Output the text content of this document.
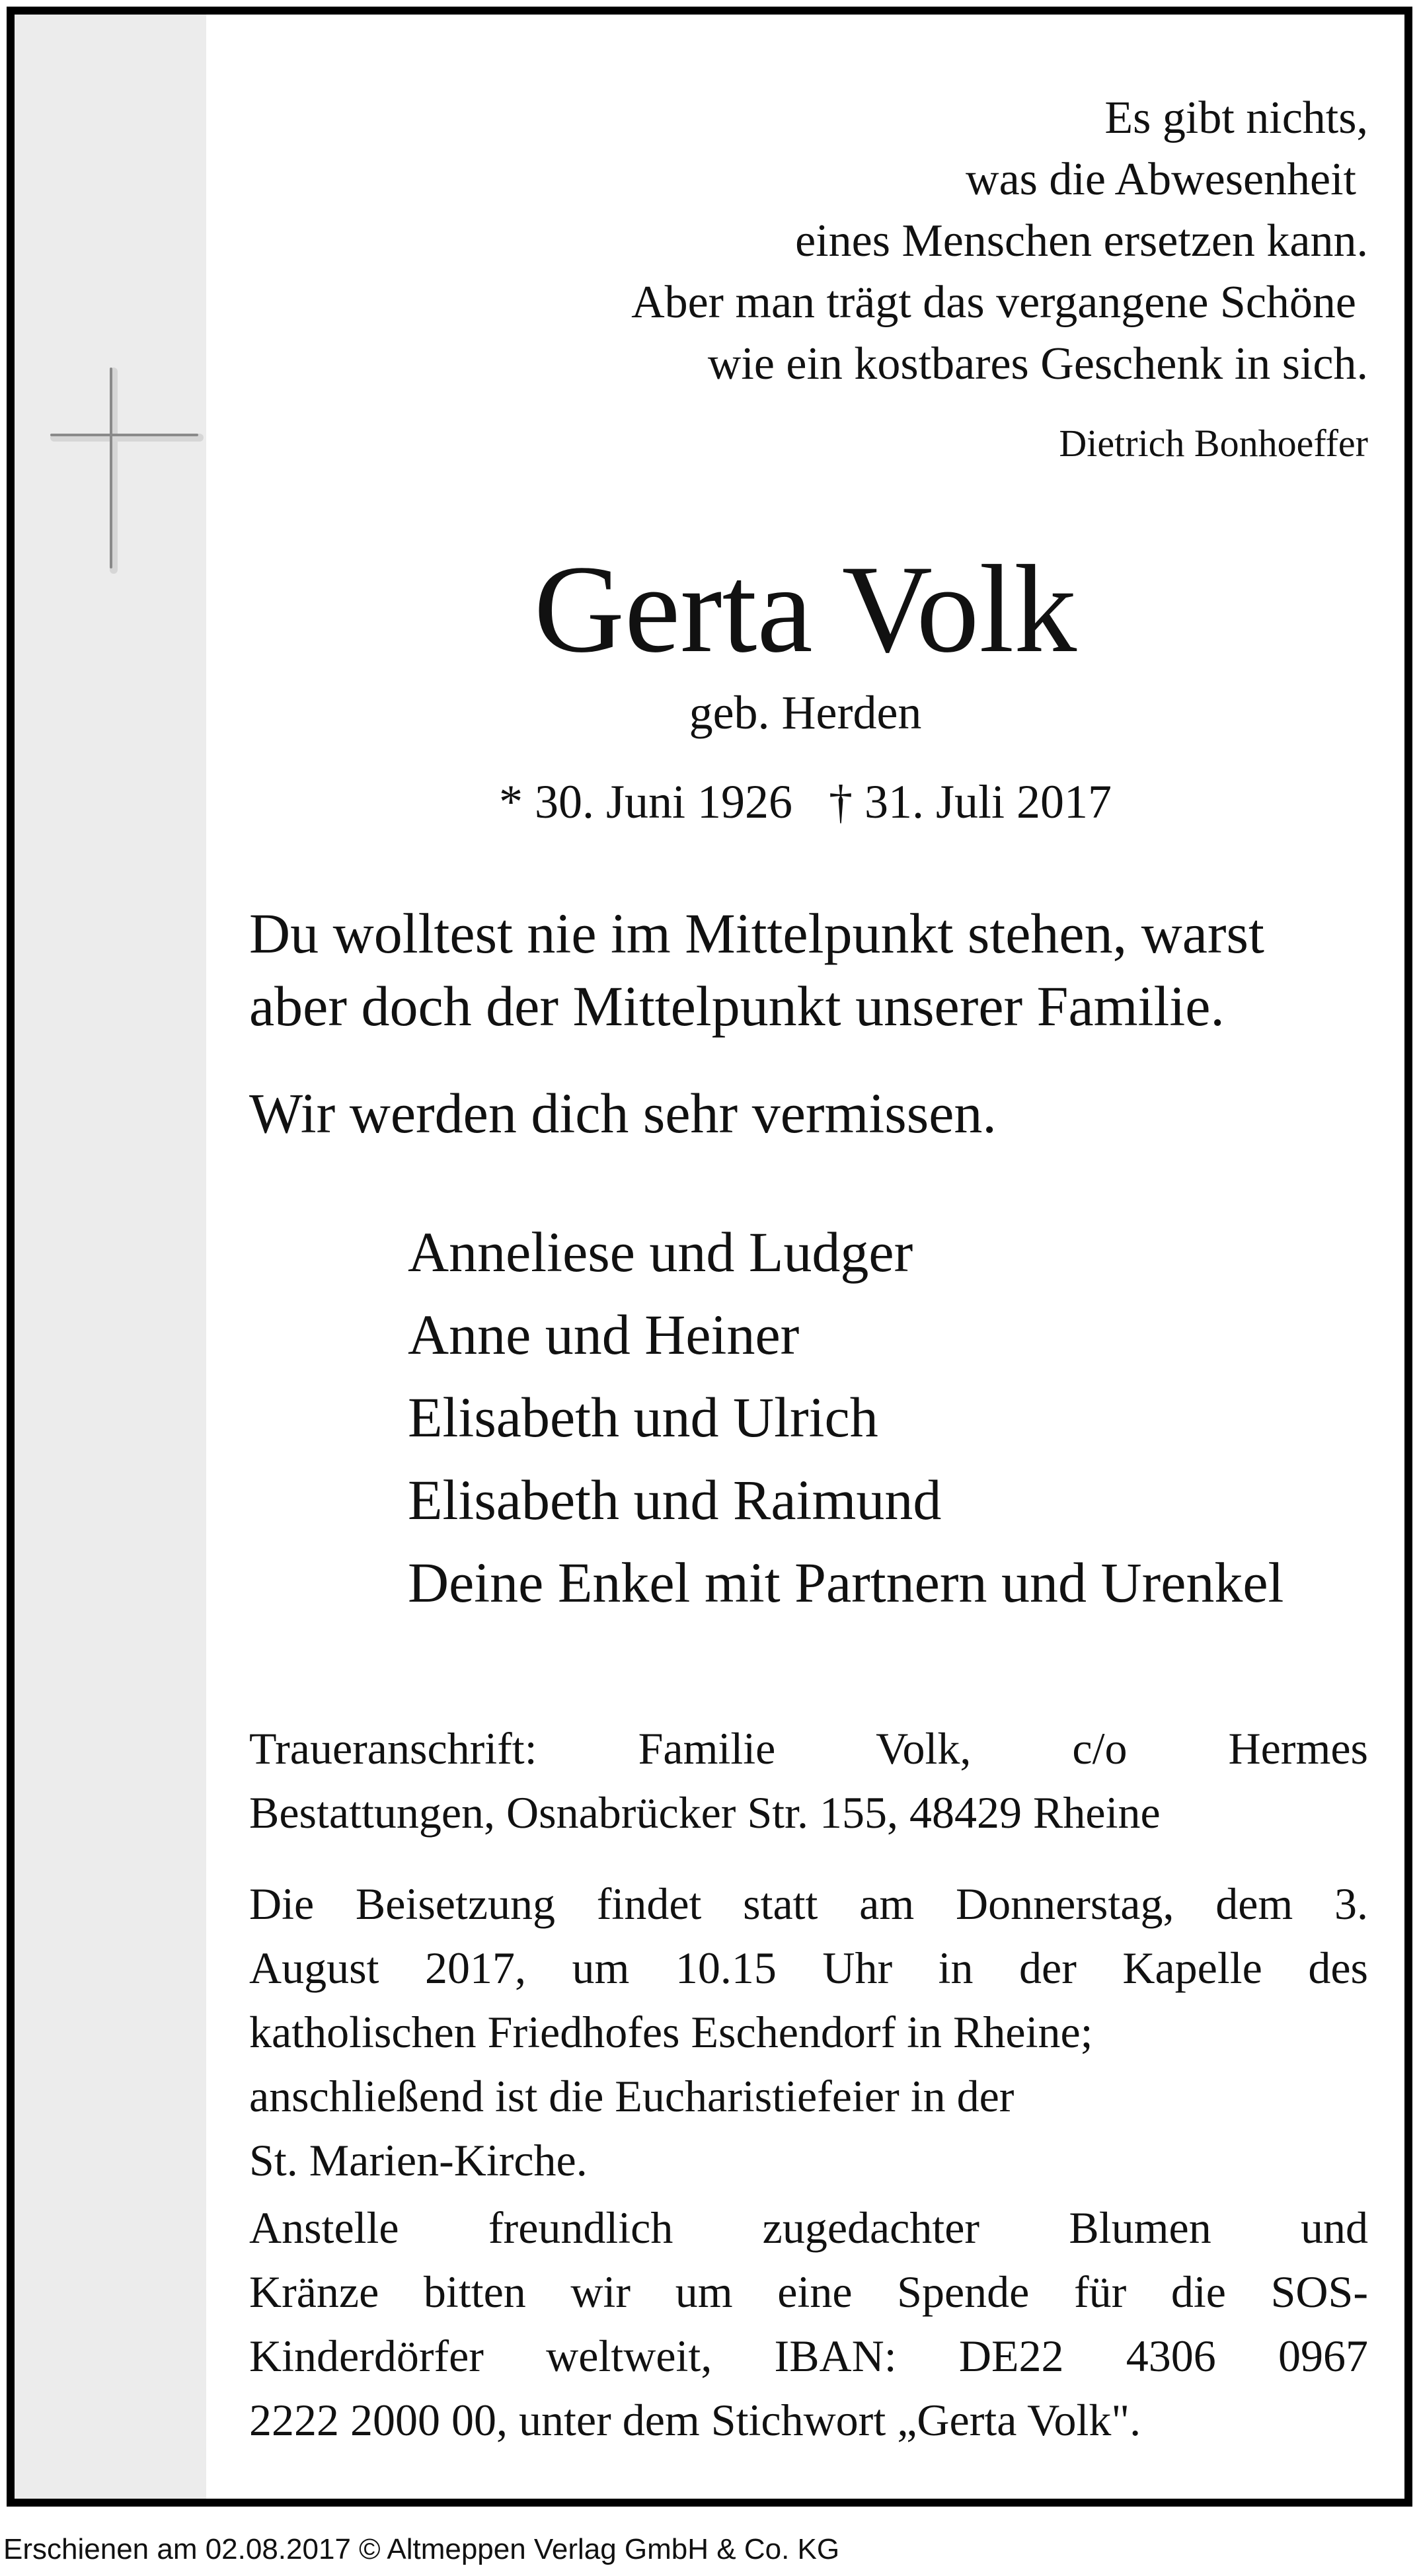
Es gibt nichts,
was die Abwesenheit
eines Menschen ersetzen kann.
Aber man trägt das vergangene Schöne
wie ein kostbares Geschenk in sich.
Dietrich Bonhoeffer
Gerta Volk
geb. Herden
* 30. Juni 1926 † 31. Juli 2017
Du wolltest nie im Mittelpunkt stehen, warst
aber doch der Mittelpunkt unserer Familie.
Wir werden dich sehr vermissen.
Anneliese und Ludger
Anne und Heiner
Elisabeth und Ulrich
Elisabeth und Raimund
Deine Enkel mit Partnern und Urenkel
Traueranschrift: Familie Volk, c/o Hermes
Bestattungen, Osnabrücker Str. 155, 48429 Rheine
Die Beisetzung findet statt am Donnerstag, dem 3.
August 2017, um 10.15 Uhr in der Kapelle des
katholischen Friedhofes Eschendorf in Rheine;
anschließend ist die Eucharistiefeier in der
St. Marien-Kirche.
Anstelle freundlich zugedachter Blumen und
Kränze bitten wir um eine Spende für die SOS-
Kinderdörfer weltweit, IBAN: DE22 4306 0967
2222 2000 00, unter dem Stichwort „Gerta Volk".
Erschienen am 02.08.2017 © Altmeppen Verlag GmbH & Co. KG
